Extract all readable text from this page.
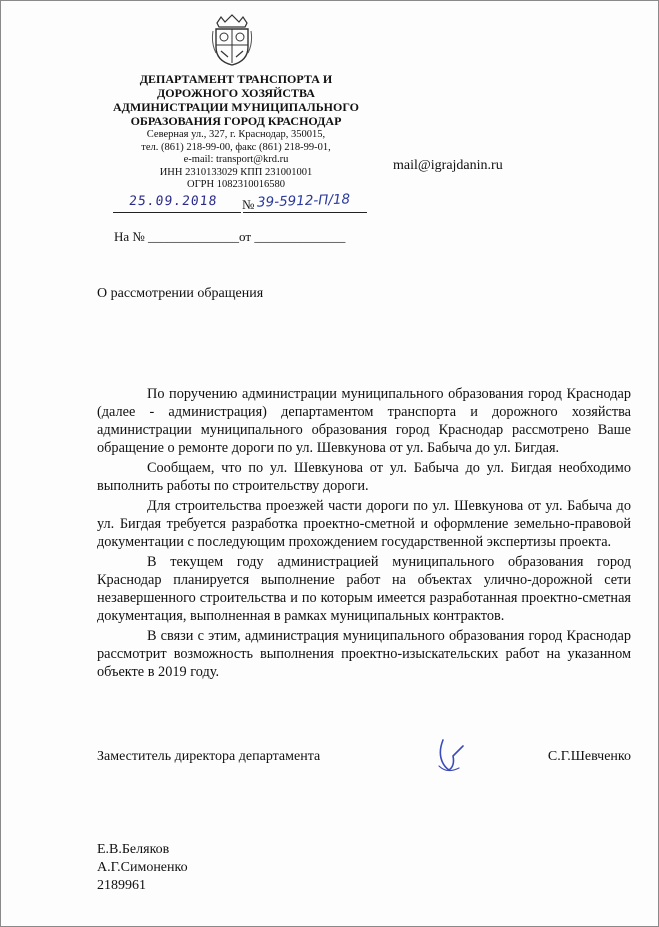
ДЕПАРТАМЕНТ ТРАНСПОРТА И
ДОРОЖНОГО ХОЗЯЙСТВА
АДМИНИСТРАЦИИ МУНИЦИПАЛЬНОГО
ОБРАЗОВАНИЯ ГОРОД КРАСНОДАР
Северная ул., 327, г. Краснодар, 350015,
тел. (861) 218-99-00, факс (861) 218-99-01,
e-mail: transport@krd.ru
ИНН 2310133029 КПП 231001001
ОГРН 1082310016580
mail@igrajdanin.ru
25.09.2018 № 39-5912-П/18
На № ______________от ______________
О рассмотрении обращения

По поручению администрации муниципального образования город Краснодар (далее - администрация) департаментом транспорта и дорожного хозяйства администрации муниципального образования город Краснодар рассмотрено Ваше обращение о ремонте дороги по ул. Шевкунова от ул. Бабыча до ул. Бигдая.

Сообщаем, что по ул. Шевкунова от ул. Бабыча до ул. Бигдая необходимо выполнить работы по строительству дороги.

Для строительства проезжей части дороги по ул. Шевкунова от ул. Бабыча до ул. Бигдая требуется разработка проектно-сметной и оформление земельно-правовой документации с последующим прохождением государственной экспертизы проекта.

В текущем году администрацией муниципального образования город Краснодар планируется выполнение работ на объектах улично-дорожной сети незавершенного строительства и по которым имеется разработанная проектно-сметная документация, выполненная в рамках муниципальных контрактов.

В связи с этим, администрация муниципального образования город Краснодар рассмотрит возможность выполнения проектно-изыскательских работ на указанном объекте в 2019 году.

Заместитель директора департамента	С.Г.Шевченко
Е.В.Беляков
А.Г.Симоненко
2189961
